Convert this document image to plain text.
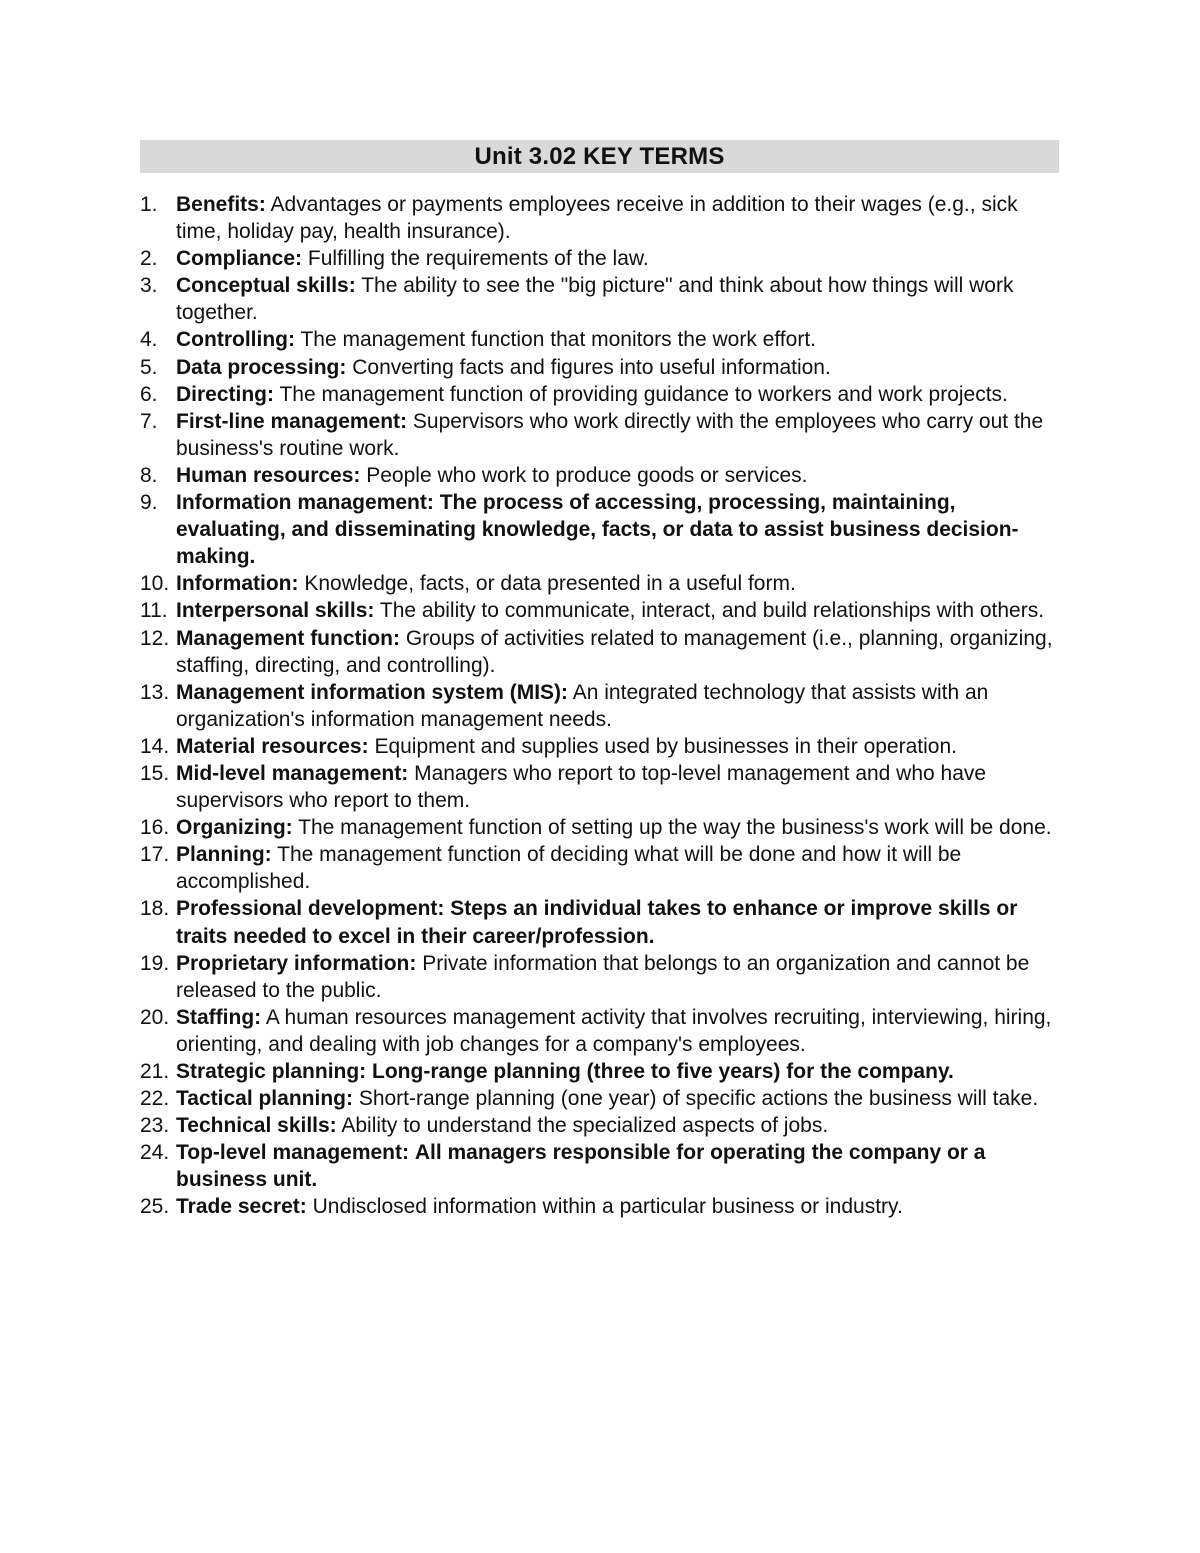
Unit 3.02 KEY TERMS
1. Benefits: Advantages or payments employees receive in addition to their wages (e.g., sick time, holiday pay, health insurance).
2. Compliance: Fulfilling the requirements of the law.
3. Conceptual skills: The ability to see the "big picture" and think about how things will work together.
4. Controlling: The management function that monitors the work effort.
5. Data processing: Converting facts and figures into useful information.
6. Directing: The management function of providing guidance to workers and work projects.
7. First-line management: Supervisors who work directly with the employees who carry out the business's routine work.
8. Human resources: People who work to produce goods or services.
9. Information management: The process of accessing, processing, maintaining, evaluating, and disseminating knowledge, facts, or data to assist business decision-making.
10. Information: Knowledge, facts, or data presented in a useful form.
11. Interpersonal skills: The ability to communicate, interact, and build relationships with others.
12. Management function: Groups of activities related to management (i.e., planning, organizing, staffing, directing, and controlling).
13. Management information system (MIS): An integrated technology that assists with an organization's information management needs.
14. Material resources: Equipment and supplies used by businesses in their operation.
15. Mid-level management: Managers who report to top-level management and who have supervisors who report to them.
16. Organizing: The management function of setting up the way the business's work will be done.
17. Planning: The management function of deciding what will be done and how it will be accomplished.
18. Professional development: Steps an individual takes to enhance or improve skills or traits needed to excel in their career/profession.
19. Proprietary information: Private information that belongs to an organization and cannot be released to the public.
20. Staffing: A human resources management activity that involves recruiting, interviewing, hiring, orienting, and dealing with job changes for a company's employees.
21. Strategic planning: Long-range planning (three to five years) for the company.
22. Tactical planning: Short-range planning (one year) of specific actions the business will take.
23. Technical skills: Ability to understand the specialized aspects of jobs.
24. Top-level management: All managers responsible for operating the company or a business unit.
25. Trade secret: Undisclosed information within a particular business or industry.
